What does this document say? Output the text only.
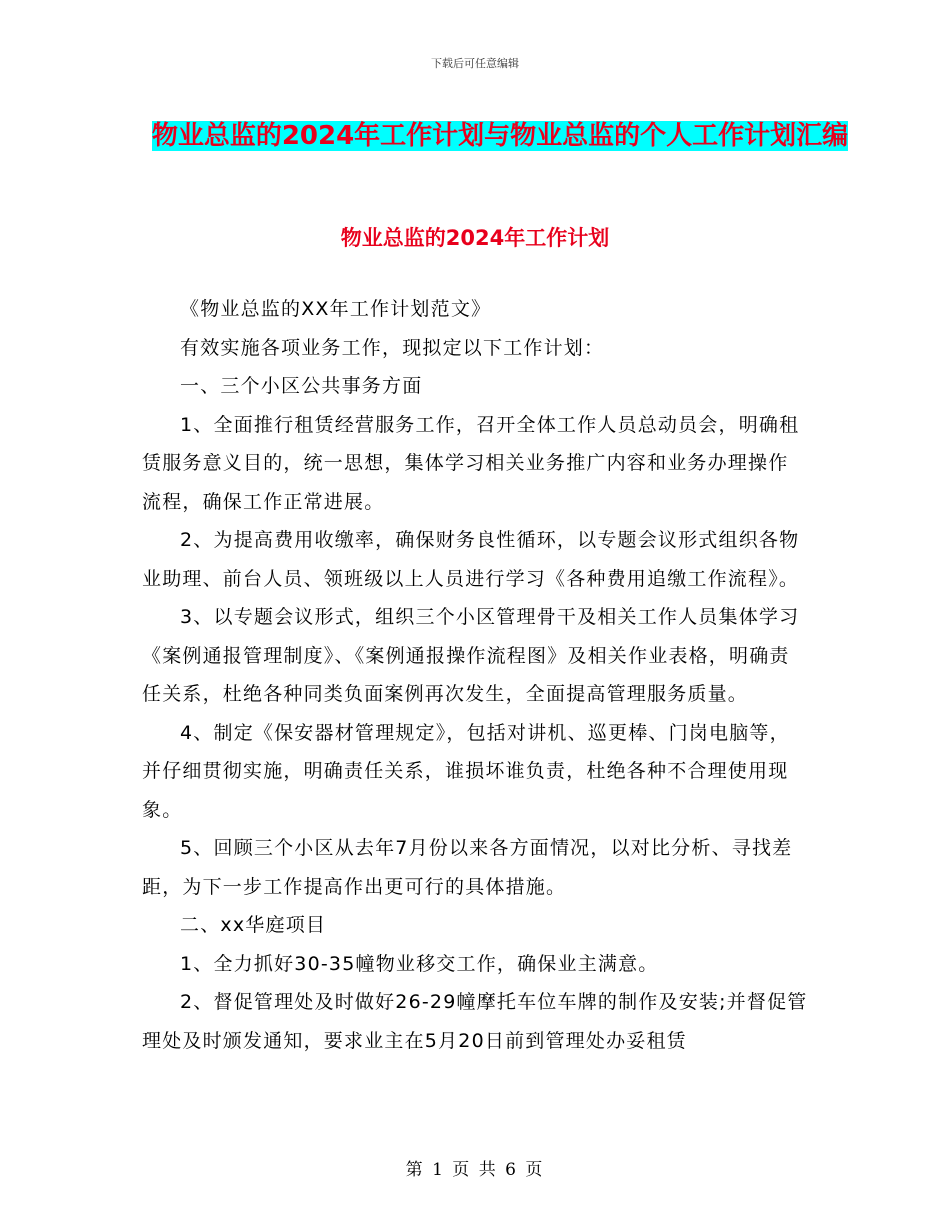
下载后可任意编辑
物业总监的2024年工作计划与物业总监的个人工作计划汇编
物业总监的2024年工作计划

《物业总监的XX年工作计划范文》

有效实施各项业务工作，现拟定以下工作计划：

一、三个小区公共事务方面

1、全面推行租赁经营服务工作，召开全体工作人员总动员会，明确租赁服务意义目的，统一思想，集体学习相关业务推广内容和业务办理操作流程，确保工作正常进展。

2、为提高费用收缴率，确保财务良性循环，以专题会议形式组织各物业助理、前台人员、领班级以上人员进行学习《各种费用追缴工作流程》。

3、以专题会议形式，组织三个小区管理骨干及相关工作人员集体学习《案例通报管理制度》、《案例通报操作流程图》及相关作业表格，明确责任关系，杜绝各种同类负面案例再次发生，全面提高管理服务质量。

4、制定《保安器材管理规定》，包括对讲机、巡更棒、门岗电脑等，并仔细贯彻实施，明确责任关系，谁损坏谁负责，杜绝各种不合理使用现象。

5、回顾三个小区从去年7月份以来各方面情况，以对比分析、寻找差距，为下一步工作提高作出更可行的具体措施。

二、xx华庭项目

1、全力抓好30-35幢物业移交工作，确保业主满意。

2、督促管理处及时做好26-29幢摩托车位车牌的制作及安装;并督促管理处及时颁发通知，要求业主在5月20日前到管理处办妥租赁

第 1 页 共 6 页
